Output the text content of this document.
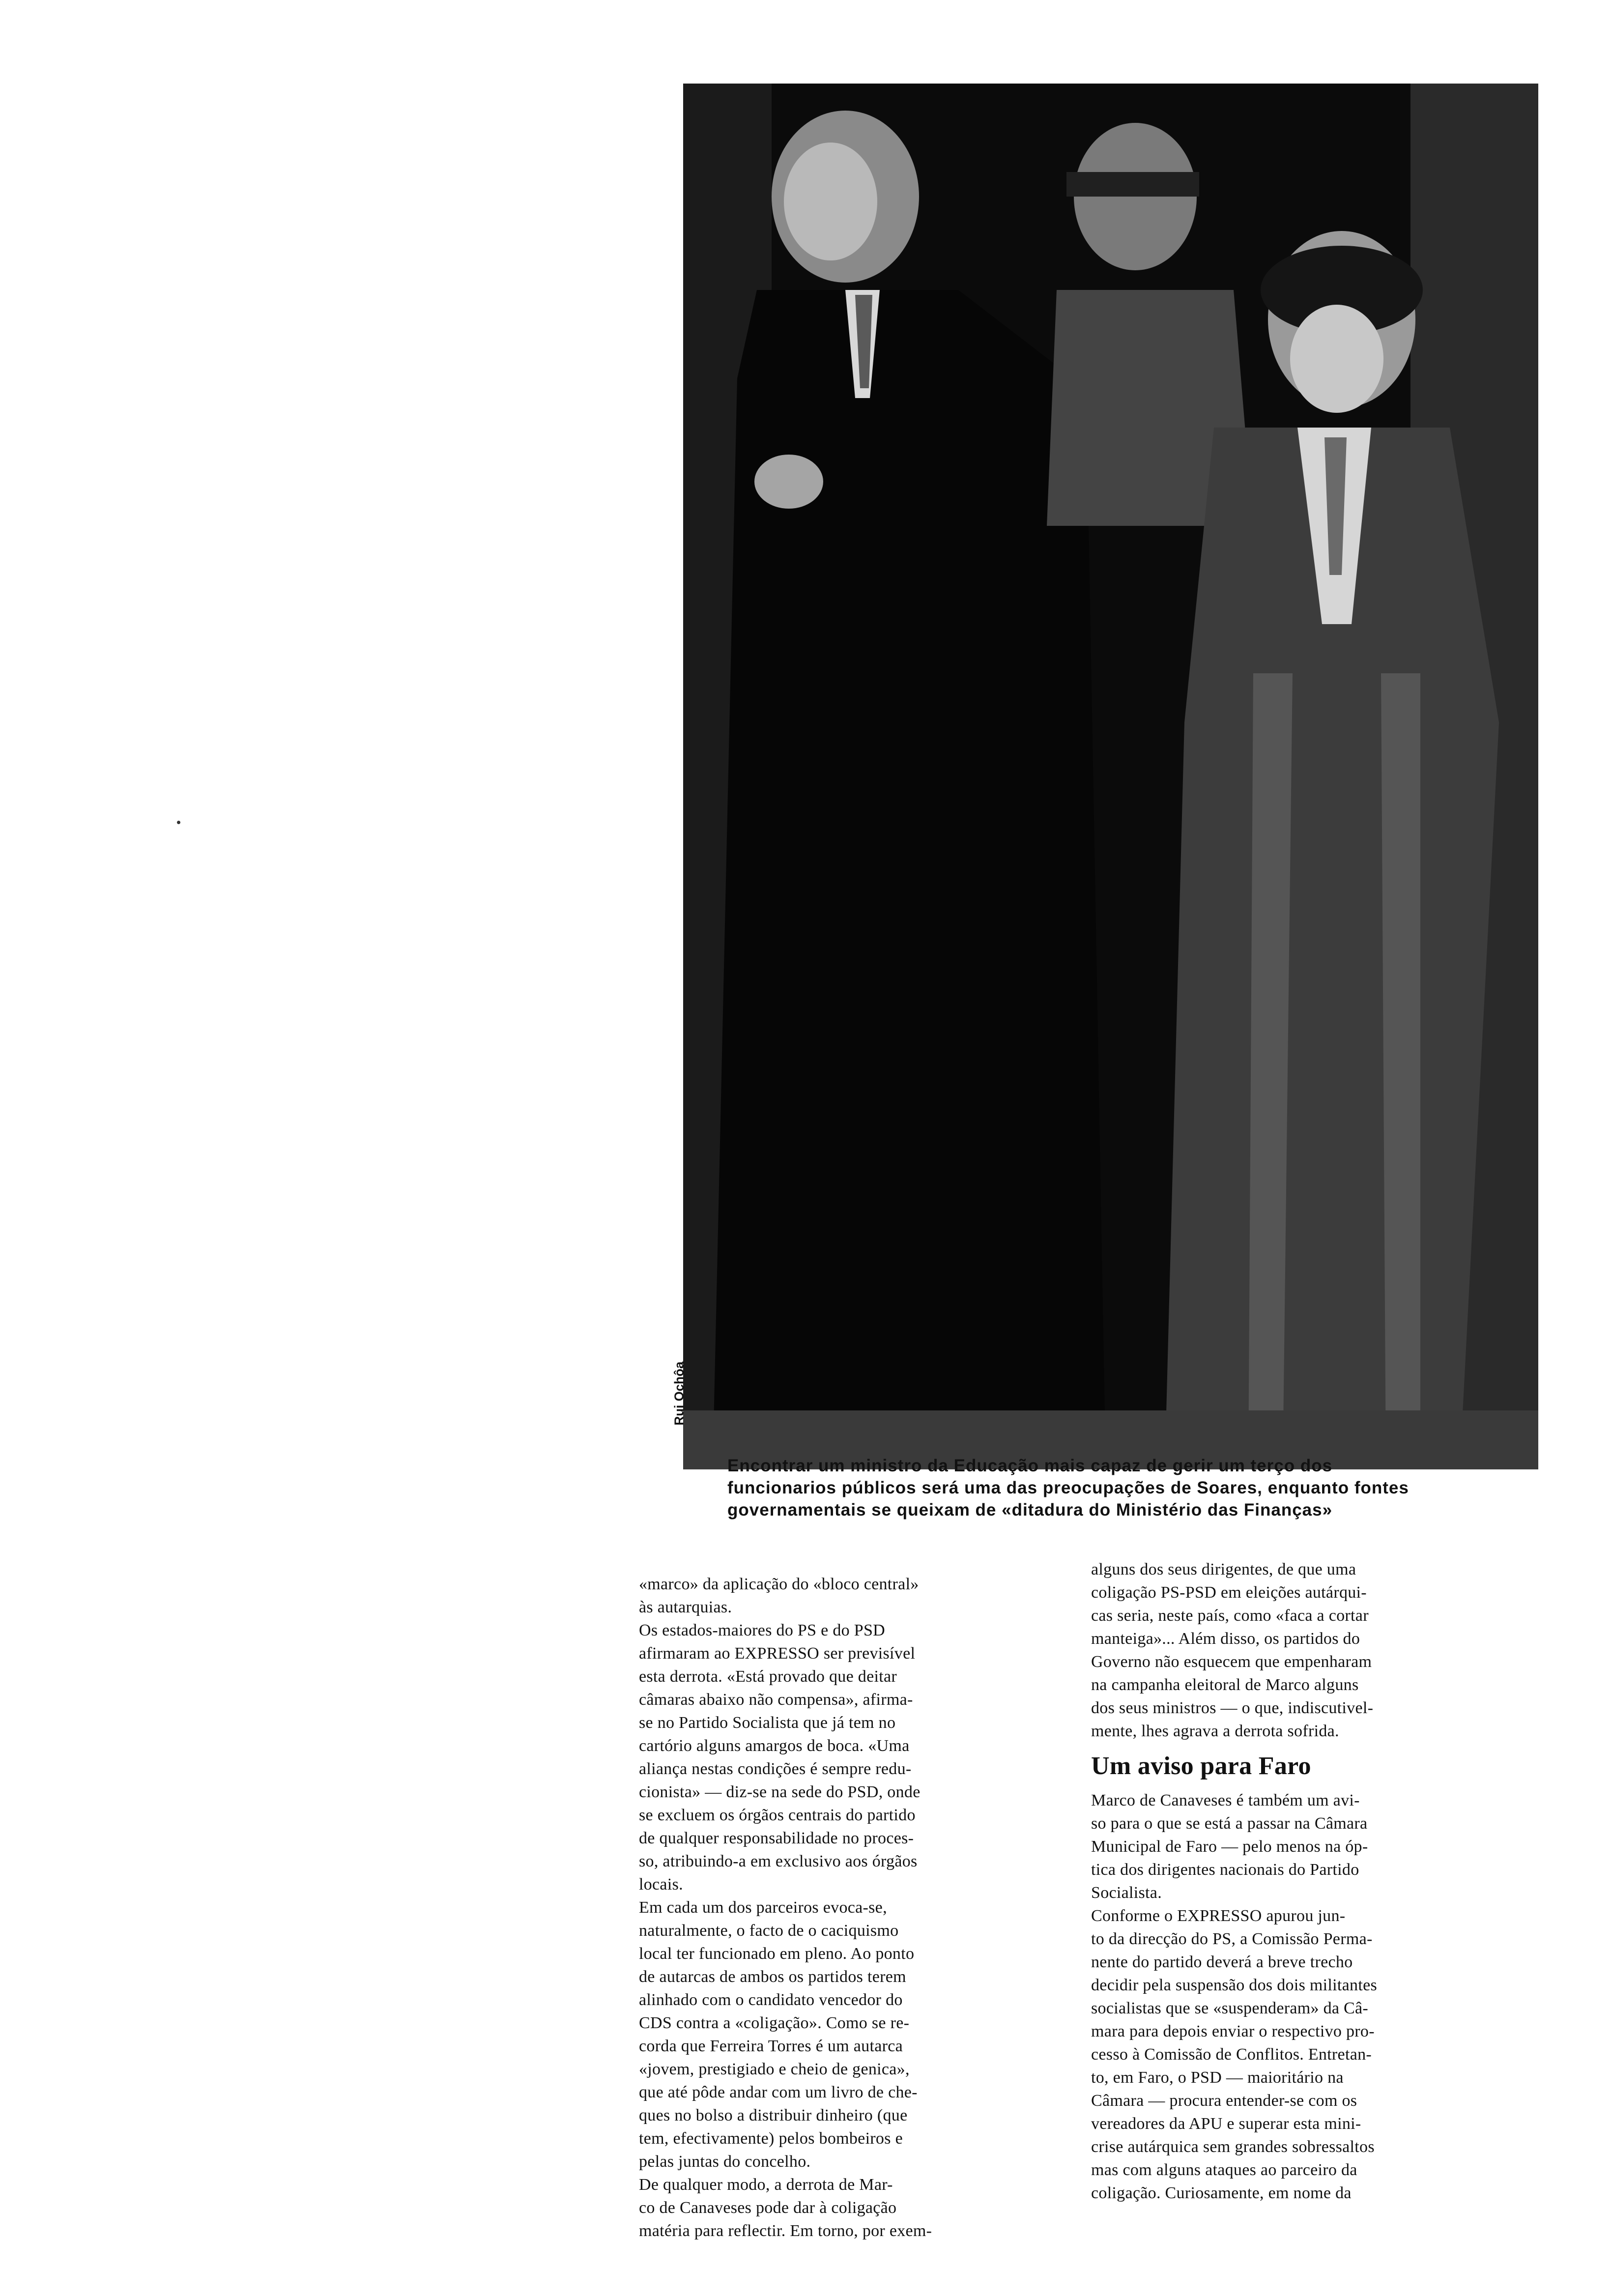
Rui Ochôa
Encontrar um ministro da Educação mais capaz de gerir um terço dos
funcionarios públicos será uma das preocupações de Soares, enquanto fontes
governamentais se queixam de «ditadura do Ministério das Finanças»
«marco» da aplicação do «bloco central»
às autarquias.
Os estados-maiores do PS e do PSD
afirmaram ao EXPRESSO ser previsível
esta derrota. «Está provado que deitar
câmaras abaixo não compensa», afirma-
se no Partido Socialista que já tem no
cartório alguns amargos de boca. «Uma
aliança nestas condições é sempre redu-
cionista» — diz-se na sede do PSD, onde
se excluem os órgãos centrais do partido
de qualquer responsabilidade no proces-
so, atribuindo-a em exclusivo aos órgãos
locais.
Em cada um dos parceiros evoca-se,
naturalmente, o facto de o caciquismo
local ter funcionado em pleno. Ao ponto
de autarcas de ambos os partidos terem
alinhado com o candidato vencedor do
CDS contra a «coligação». Como se re-
corda que Ferreira Torres é um autarca
«jovem, prestigiado e cheio de genica»,
que até pôde andar com um livro de che-
ques no bolso a distribuir dinheiro (que
tem, efectivamente) pelos bombeiros e
pelas juntas do concelho.
De qualquer modo, a derrota de Mar-
co de Canaveses pode dar à coligação
matéria para reflectir. Em torno, por exem-
alguns dos seus dirigentes, de que uma
coligação PS-PSD em eleições autárqui-
cas seria, neste país, como «faca a cortar
manteiga»... Além disso, os partidos do
Governo não esquecem que empenharam
na campanha eleitoral de Marco alguns
dos seus ministros — o que, indiscutivel-
mente, lhes agrava a derrota sofrida.
Um aviso para Faro
Marco de Canaveses é também um avi-
so para o que se está a passar na Câmara
Municipal de Faro — pelo menos na óp-
tica dos dirigentes nacionais do Partido
Socialista.
Conforme o EXPRESSO apurou jun-
to da direcção do PS, a Comissão Perma-
nente do partido deverá a breve trecho
decidir pela suspensão dos dois militantes
socialistas que se «suspenderam» da Câ-
mara para depois enviar o respectivo pro-
cesso à Comissão de Conflitos. Entretan-
to, em Faro, o PSD — maioritário na
Câmara — procura entender-se com os
vereadores da APU e superar esta mini-
crise autárquica sem grandes sobressaltos
mas com alguns ataques ao parceiro da
coligação. Curiosamente, em nome da
